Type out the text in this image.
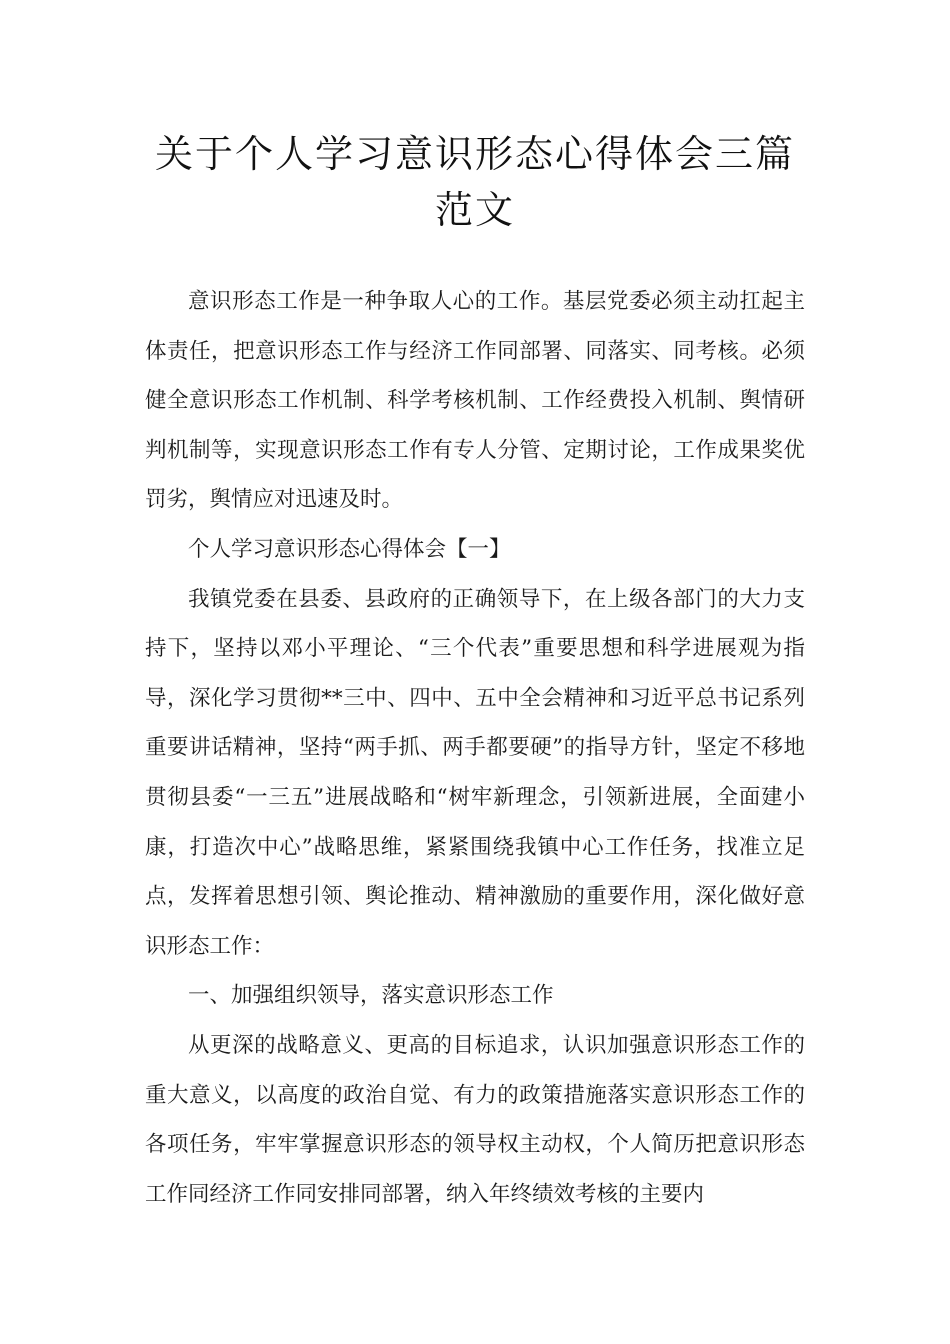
关于个人学习意识形态心得体会三篇范文

意识形态工作是一种争取人心的工作。基层党委必须主动扛起主体责任，把意识形态工作与经济工作同部署、同落实、同考核。必须健全意识形态工作机制、科学考核机制、工作经费投入机制、舆情研判机制等，实现意识形态工作有专人分管、定期讨论，工作成果奖优罚劣，舆情应对迅速及时。

个人学习意识形态心得体会【一】

我镇党委在县委、县政府的正确领导下，在上级各部门的大力支持下，坚持以邓小平理论、“三个代表”重要思想和科学进展观为指导，深化学习贯彻**三中、四中、五中全会精神和习近平总书记系列重要讲话精神，坚持“两手抓、两手都要硬”的指导方针，坚定不移地贯彻县委“一三五”进展战略和“树牢新理念，引领新进展，全面建小康，打造次中心”战略思维，紧紧围绕我镇中心工作任务，找准立足点，发挥着思想引领、舆论推动、精神激励的重要作用，深化做好意识形态工作：

一、加强组织领导，落实意识形态工作

从更深的战略意义、更高的目标追求，认识加强意识形态工作的重大意义，以高度的政治自觉、有力的政策措施落实意识形态工作的各项任务，牢牢掌握意识形态的领导权主动权，个人简历把意识形态工作同经济工作同安排同部署，纳入年终绩效考核的主要内
